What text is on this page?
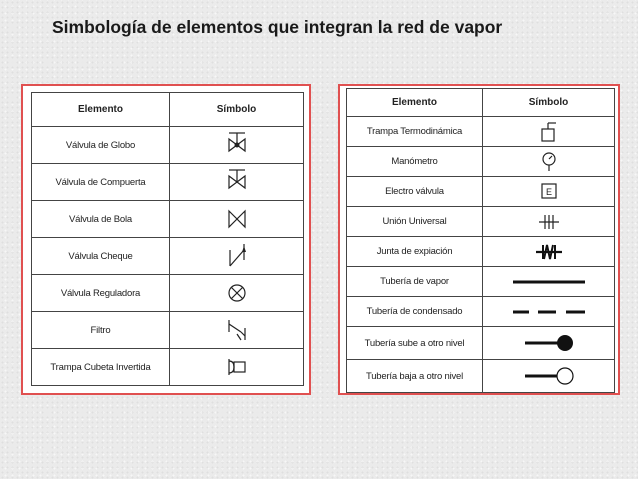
Simbología de elementos que integran la red de vapor
Elemento	Símbolo
Válvula de Globo	

Válvula de Compuerta	

Válvula de Bola	

Válvula Cheque	

Válvula Reguladora	

Filtro	

Trampa Cubeta Invertida	
Elemento	Símbolo
Trampa Termodinámica	

Manómetro	

Electro válvula	E

Unión Universal	

Junta de expiación	

Tubería de vapor	

Tubería de condensado	

Tubería sube a otro nivel	

Tubería baja a otro nivel	
